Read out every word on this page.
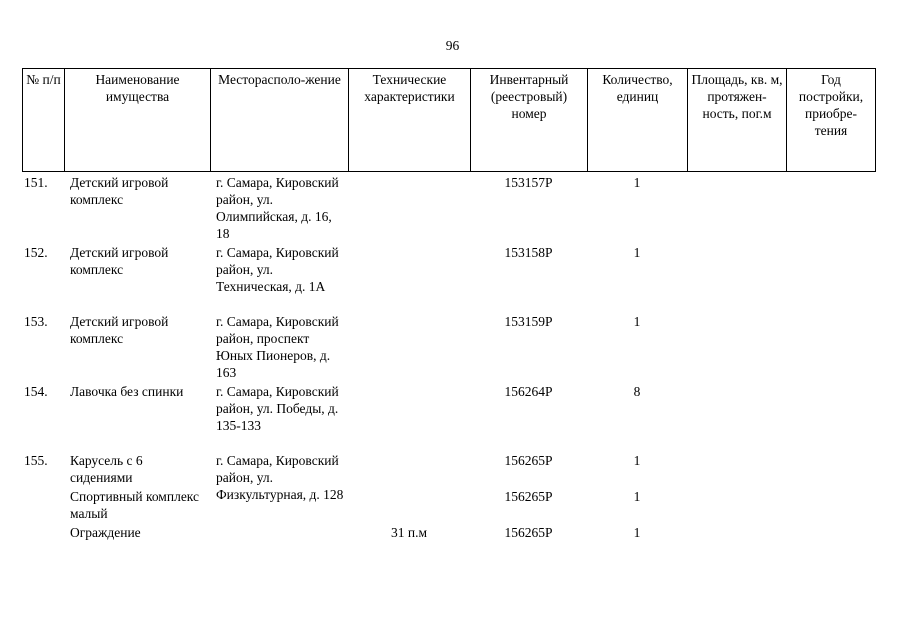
96
№ п/п	Наименование имущества	Месторасполо-жение	Технические характеристики	Инвентарный (реестровый) номер	Количество, единиц	Площадь, кв. м, протяжен-ность, пог.м	Год постройки, приобре-тения
151.	Детский игровой комплекс	г. Самара, Кировский район, ул. Олимпийская, д. 16, 18		153157Р	1		
152.	Детский игровой комплекс	г. Самара, Кировский район, ул. Техническая, д. 1А		153158Р	1		
153.	Детский игровой комплекс	г. Самара, Кировский район, проспект Юных Пионеров, д. 163		153159Р	1		
154.	Лавочка без спинки	г. Самара, Кировский район, ул. Победы, д. 135-133		156264Р	8		
155.	Карусель с 6 сидениями	г. Самара, Кировский район, ул. Физкультурная, д. 128		156265Р	1		
	Спортивный комплекс малый			156265Р	1		
	Ограждение		31 п.м	156265Р	1		
